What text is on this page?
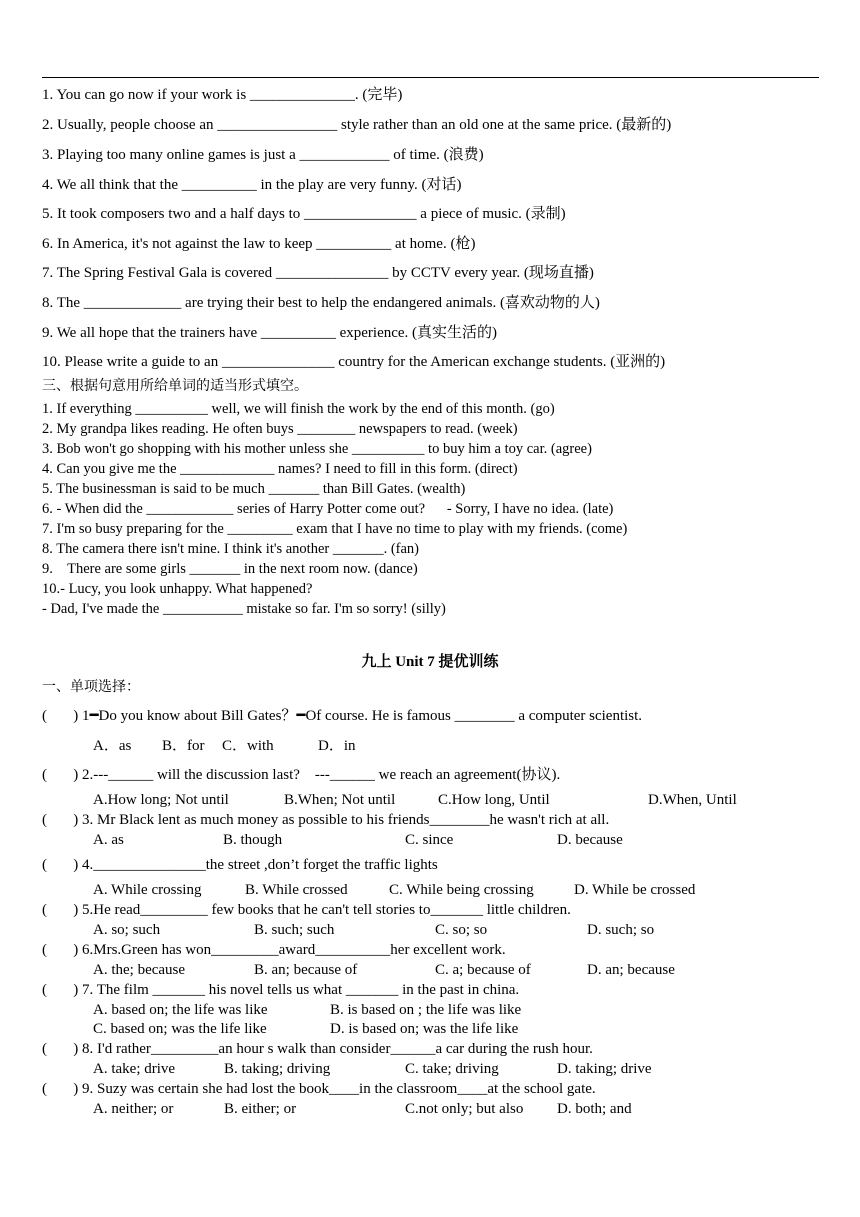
1. You can go now if your work is ______________. (完毕)
2. Usually, people choose an ________________ style rather than an old one at the same price. (最新的)
3. Playing too many online games is just a ____________ of time. (浪费)
4. We all think that the __________ in the play are very funny. (对话)
5. It took composers two and a half days to _______________ a piece of music. (录制)
6. In America, it's not against the law to keep __________ at home. (枪)
7. The Spring Festival Gala is covered _______________ by CCTV every year. (现场直播)
8. The _____________ are trying their best to help the endangered animals. (喜欢动物的人)
9. We all hope that the trainers have __________ experience. (真实生活的)
10. Please write a guide to an _______________ country for the American exchange students. (亚洲的)
三、根据句意用所给单词的适当形式填空。
1. If everything __________ well, we will finish the work by the end of this month. (go)
2. My grandpa likes reading. He often buys ________ newspapers to read. (week)
3. Bob won't go shopping with his mother unless she __________ to buy him a toy car. (agree)
4. Can you give me the _____________ names? I need to fill in this form. (direct)
5. The businessman is said to be much _______ than Bill Gates. (wealth)
6. - When did the ____________ series of Harry Potter come out?      - Sorry, I have no idea. (late)
7. I'm so busy preparing for the _________ exam that I have no time to play with my friends. (come)
8. The camera there isn't mine. I think it's another _______. (fan)
9.    There are some girls _______ in the next room now. (dance)
10.- Lucy, you look unhappy. What happened?
- Dad, I've made the ___________ mistake so far. I'm so sorry! (silly)
九上 Unit 7 提优训练
一、单项选择：
(       ) 1━Do you know about Bill Gates？━Of course. He is famous ________ a computer scientist.
A．as B．for C．with	D．in
(       ) 2.---______ will the discussion last?    ---______ we reach an agreement(协议).
A.How long; Not until	B.When; Not until	C.How long, Until	D.When, Until
(       ) 3. Mr Black lent as much money as possible to his friends________he wasn't rich at all.
A. as	B. though	C. since	D. because
(       ) 4._______________the street ,don’t forget the traffic lights
A. While crossing	B. While crossed	C. While being crossing	D. While be crossed
(       ) 5.He read_________ few books that he can't tell stories to_______ little children.
A. so; such	B. such; such	C. so; so	D. such; so
(       ) 6.Mrs.Green has won_________award__________her excellent work.
A. the; because	B. an; because of	C. a; because of	D. an; because
(       ) 7. The film _______ his novel tells us what _______ in the past in china.
A. based on; the life was like	B. is based on ; the life was like
C. based on; was the life like	D. is based on; was the life like
(       ) 8. I'd rather_________an hour s walk than consider______a car during the rush hour.
A. take; drive	B. taking; driving	C. take; driving	D. taking; drive
(       ) 9. Suzy was certain she had lost the book____in the classroom____at the school gate.
A. neither; or	B. either; or	C.not only; but also D. both; and
